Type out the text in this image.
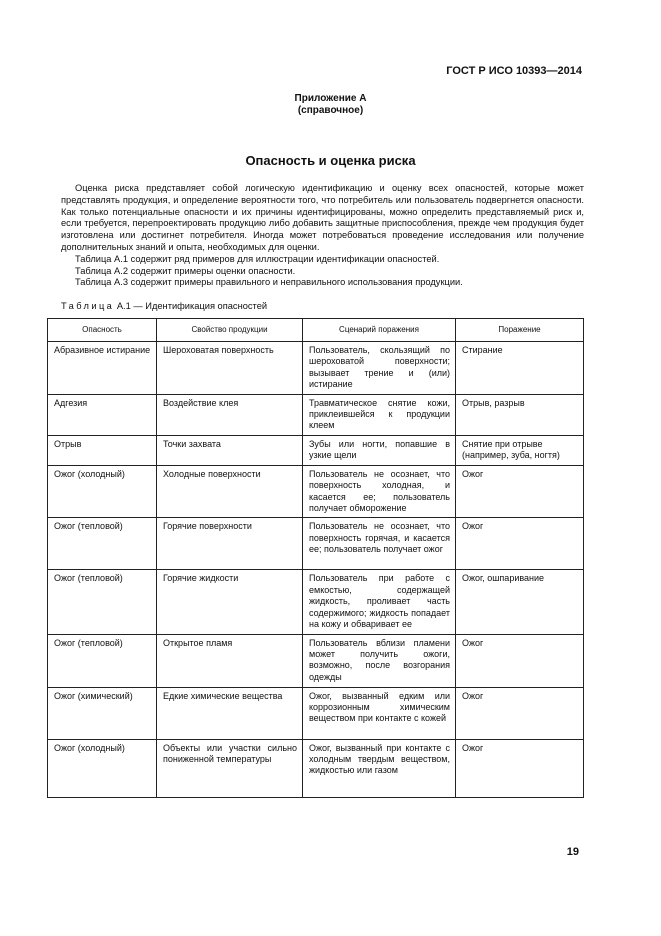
ГОСТ Р ИСО 10393—2014
Приложение А
(справочное)
Опасность и оценка риска

Оценка риска представляет собой логическую идентификацию и оценку всех опасностей, которые может представлять продукция, и определение вероятности того, что потребитель или пользователь подвергнется опасности. Как только потенциальные опасности и их причины идентифицированы, можно определить представляемый риск и, если требуется, перепроектировать продукцию либо добавить защитные приспособления, прежде чем продукция будет изготовлена или достигнет потребителя. Иногда может потребоваться проведение исследования или получение дополнительных знаний и опыта, необходимых для оценки.

Таблица А.1 содержит ряд примеров для иллюстрации идентификации опасностей.

Таблица А.2 содержит примеры оценки опасности.

Таблица А.3 содержит примеры правильного и неправильного использования продукции.

Таблица А.1 — Идентификация опасностей
Опасность	Свойство продукции	Сценарий поражения	Поражение
Абразивное истирание	Шероховатая поверхность	Пользователь, скользящий по шероховатой поверхности; вызывает трение и (или) истирание	Стирание
Адгезия	Воздействие клея	Травматическое снятие кожи, приклеившейся к продукции клеем	Отрыв, разрыв
Отрыв	Точки захвата	Зубы или ногти, попавшие в узкие щели	Снятие при отрыве (например, зуба, ногтя)
Ожог (холодный)	Холодные поверхности	Пользователь не осознает, что поверхность холодная, и касается ее; пользователь получает обморожение	Ожог
Ожог (тепловой)	Горячие поверхности	Пользователь не осознает, что поверхность горячая, и касается ее; пользователь получает ожог	Ожог
Ожог (тепловой)	Горячие жидкости	Пользователь при работе с емкостью, содержащей жидкость, проливает часть содержимого; жидкость попадает на кожу и обваривает ее	Ожог, ошпаривание
Ожог (тепловой)	Открытое пламя	Пользователь вблизи пламени может получить ожоги, возможно, после возгорания одежды	Ожог
Ожог (химический)	Едкие химические вещества	Ожог, вызванный едким или коррозионным химическим веществом при контакте с кожей	Ожог
Ожог (холодный)	Объекты или участки сильно пониженной температуры	Ожог, вызванный при контакте с холодным твердым веществом, жидкостью или газом	Ожог
19
